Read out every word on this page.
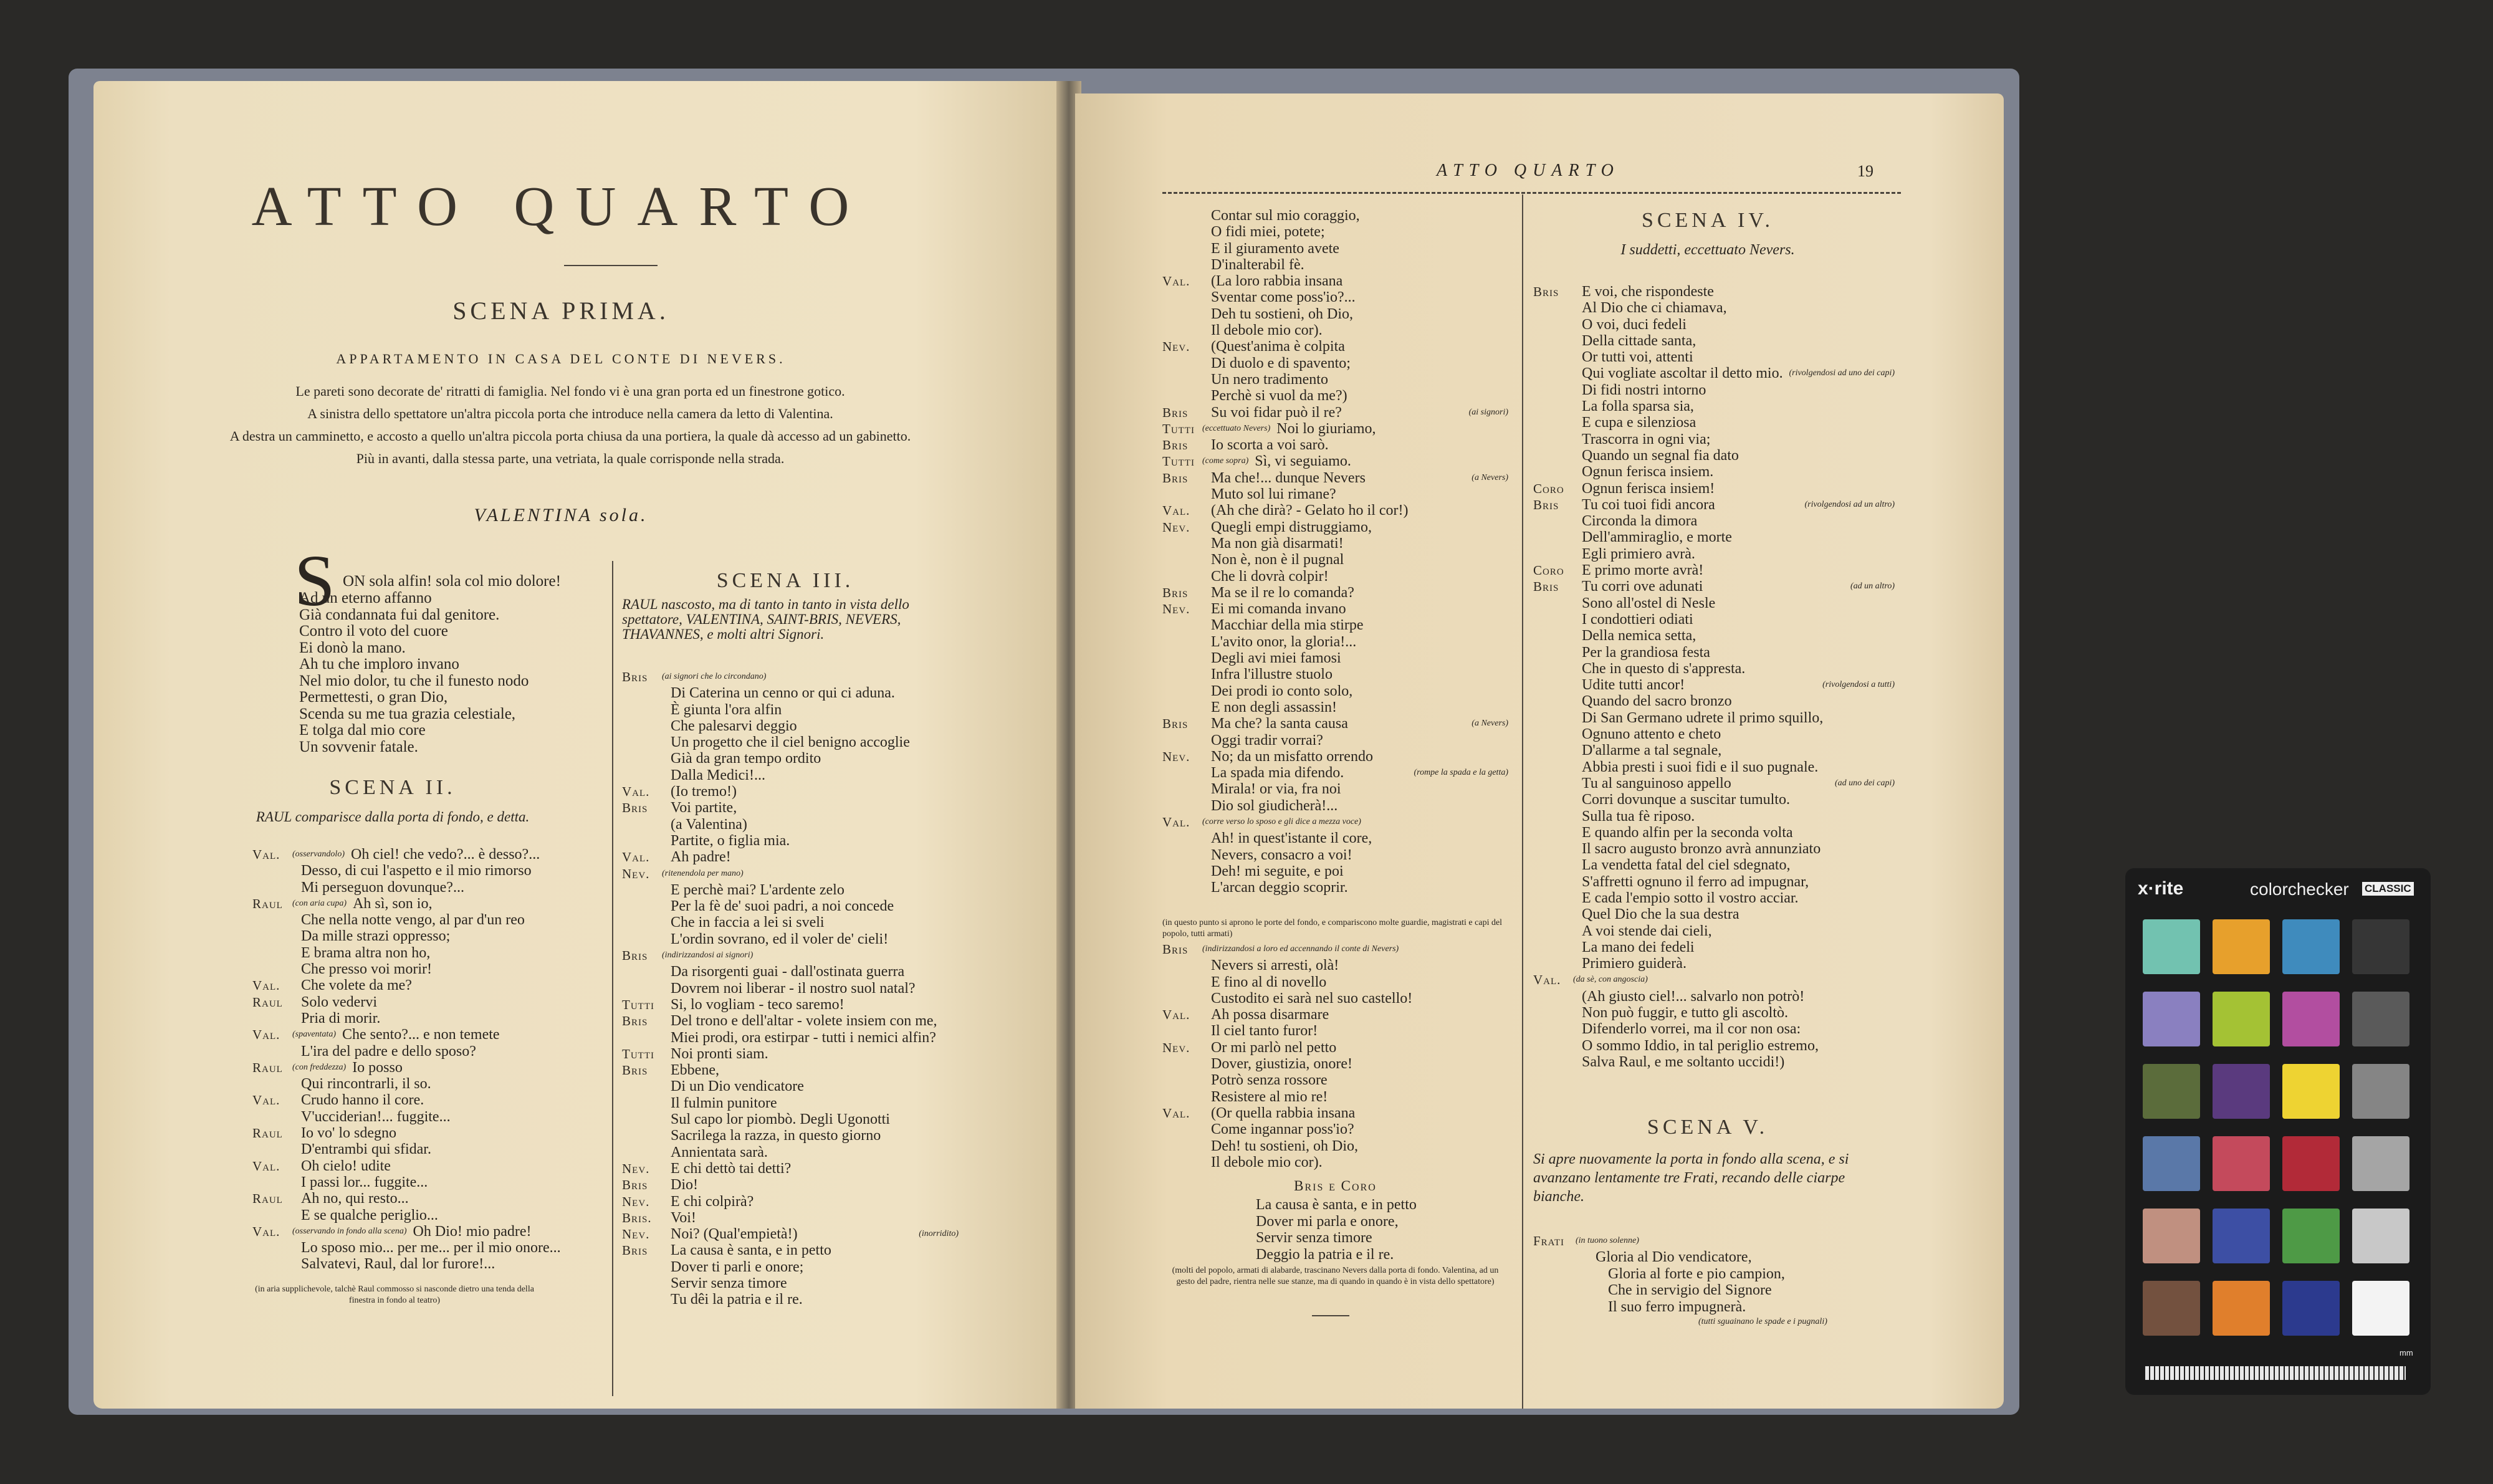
ATTO QUARTO
SCENA PRIMA.
APPARTAMENTO IN CASA DEL CONTE DI NEVERS.
Le pareti sono decorate de' ritratti di famiglia. Nel fondo vi è una gran porta ed un finestrone gotico.
A sinistra dello spettatore un'altra piccola porta che introduce nella camera da letto di Valentina.
A destra un camminetto, e accosto a quello un'altra piccola porta chiusa da una portiera, la quale dà accesso ad un gabinetto.
Più in avanti, dalla stessa parte, una vetriata, la quale corrisponde nella strada.
VALENTINA sola.
S ON sola alfin! sola col mio dolore!
Ad un eterno affanno
Già condannata fui dal genitore.
Contro il voto del cuore
Ei donò la mano.
Ah tu che imploro invano
Nel mio dolor, tu che il funesto nodo
Permettesti, o gran Dio,
Scenda su me tua grazia celestiale,
E tolga dal mio core
Un sovvenir fatale.
SCENA II.
RAUL comparisce dalla porta di fondo, e detta.
Val.	(osservandolo) Oh ciel! che vedo?... è desso?...
Desso, di cui l'aspetto e il mio rimorso
Mi perseguon dovunque?...
Raul	(con aria cupa) Ah sì, son io,
Che nella notte vengo, al par d'un reo
Da mille strazi oppresso;
E brama altra non ho,
Che presso voi morir!
Val.	Che volete da me?
Raul	Solo vedervi
Pria di morir.
Val.	(spaventata) Che sento?... e non temete
L'ira del padre e dello sposo?
Raul	(con freddezza) Io posso
Qui rincontrarli, il so.
Val.	Crudo hanno il core.
V'ucciderian!... fuggite...
Raul	Io vo' lo sdegno
D'entrambi qui sfidar.
Val.	Oh cielo! udite
I passi lor... fuggite...
Raul	Ah no, qui resto...
E se qualche periglio...
Val.	(osservando in fondo alla scena) Oh Dio! mio padre!
Lo sposo mio... per me... per il mio onore...
Salvatevi, Raul, dal lor furore!...
(in aria supplichevole, talchè Raul commosso si nasconde dietro una tenda della finestra in fondo al teatro)
SCENA III.
RAUL nascosto, ma di tanto in tanto in vista dello spettatore, VALENTINA, SAINT-BRIS, NEVERS, THAVANNES, e molti altri Signori.
Bris	(ai signori che lo circondano)
Di Caterina un cenno or qui ci aduna.
È giunta l'ora alfin
Che palesarvi deggio
Un progetto che il ciel benigno accoglie
Già da gran tempo ordito
Dalla Medici!...
Val.	(Io tremo!)
Bris	Voi partite,
(a Valentina)
Partite, o figlia mia.
Val.	Ah padre!
Nev.	(ritenendola per mano)
E perchè mai? L'ardente zelo
Per la fè de' suoi padri, a noi concede
Che in faccia a lei si sveli
L'ordin sovrano, ed il voler de' cieli!
Bris	(indirizzandosi ai signori)
Da risorgenti guai - dall'ostinata guerra
Dovrem noi liberar - il nostro suol natal?
Tutti	Si, lo vogliam - teco saremo!
Bris	Del trono e dell'altar - volete insiem con me,
Miei prodi, ora estirpar - tutti i nemici alfin?
Tutti	Noi pronti siam.
Bris	Ebbene,
Di un Dio vendicatore
Il fulmin punitore
Sul capo lor piombò. Degli Ugonotti
Sacrilega la razza, in questo giorno
Annientata sarà.
Nev.	E chi dettò tai detti?
Bris	Dio!
Nev.	E chi colpirà?
Bris.	Voi!
Nev.	Noi? (Qual'empietà!)	(inorridito)
Bris	La causa è santa, e in petto
Dover ti parli e onore;
Servir senza timore
Tu dêi la patria e il re.
ATTO QUARTO	19
Contar sul mio coraggio,
O fidi miei, potete;
E il giuramento avete
D'inalterabil fè.
Val.	(La loro rabbia insana
Sventar come poss'io?...
Deh tu sostieni, oh Dio,
Il debole mio cor).
Nev.	(Quest'anima è colpita
Di duolo e di spavento;
Un nero tradimento
Perchè si vuol da me?)
Bris	Su voi fidar può il re?	(ai signori)
Tutti (eccettuato Nevers) Noi lo giuriamo,
Bris	Io scorta a voi sarò.
Tutti (come sopra) Sì, vi seguiamo.
Bris	Ma che!... dunque Nevers	(a Nevers)
Muto sol lui rimane?
Val.	(Ah che dirà? - Gelato ho il cor!)
Nev.	Quegli empi distruggiamo,
Ma non già disarmati!
Non è, non è il pugnal
Che li dovrà colpir!
Bris	Ma se il re lo comanda?
Nev.	Ei mi comanda invano
Macchiar della mia stirpe
L'avito onor, la gloria!...
Degli avi miei famosi
Infra l'illustre stuolo
Dei prodi io conto solo,
E non degli assassin!
Bris	Ma che? la santa causa	(a Nevers)
Oggi tradir vorrai?
Nev.	No; da un misfatto orrendo
La spada mia difendo.	(rompe la spada e la getta)
Mirala! or via, fra noi
Dio sol giudicherà!...
Val.	(corre verso lo sposo e gli dice a mezza voce)
Ah! in quest'istante il core,
Nevers, consacro a voi!
Deh! mi seguite, e poi
L'arcan deggio scoprir.
(in questo punto si aprono le porte del fondo, e compariscono molte guardie, magistrati e capi del popolo, tutti armati)
Bris	(indirizzandosi a loro ed accennando il conte di Nevers)
Nevers si arresti, olà!
E fino al di novello
Custodito ei sarà nel suo castello!
Val.	Ah possa disarmare
Il ciel tanto furor!
Nev.	Or mi parlò nel petto
Dover, giustizia, onore!
Potrò senza rossore
Resistere al mio re!
Val.	(Or quella rabbia insana
Come ingannar poss'io?
Deh! tu sostieni, oh Dio,
Il debole mio cor).
Bris e Coro
La causa è santa, e in petto
Dover mi parla e onore,
Servir senza timore
Deggio la patria e il re.
(molti del popolo, armati di alabarde, trascinano Nevers dalla porta di fondo. Valentina, ad un gesto del padre, rientra nelle sue stanze, ma di quando in quando è in vista dello spettatore)
SCENA IV.
I suddetti, eccettuato Nevers.
Bris	E voi, che rispondeste
Al Dio che ci chiamava,
O voi, duci fedeli
Della cittade santa,
Or tutti voi, attenti
Qui vogliate ascoltar il detto mio. (rivolgendosi ad uno dei capi)
Di fidi nostri intorno
La folla sparsa sia,
E cupa e silenziosa
Trascorra in ogni via;
Quando un segnal fia dato
Ognun ferisca insiem.
Coro	Ognun ferisca insiem!
Bris	Tu coi tuoi fidi ancora	(rivolgendosi ad un altro)
Circonda la dimora
Dell'ammiraglio, e morte
Egli primiero avrà.
Coro	E primo morte avrà!
Bris	Tu corri ove adunati	(ad un altro)
Sono all'ostel di Nesle
I condottieri odiati
Della nemica setta,
Per la grandiosa festa
Che in questo di s'appresta.
Udite tutti ancor!	(rivolgendosi a tutti)
Quando del sacro bronzo
Di San Germano udrete il primo squillo,
Ognuno attento e cheto
D'allarme a tal segnale,
Abbia presti i suoi fidi e il suo pugnale.
Tu al sanguinoso appello	(ad uno dei capi)
Corri dovunque a suscitar tumulto.
Sulla tua fè riposo.
E quando alfin per la seconda volta
Il sacro augusto bronzo avrà annunziato
La vendetta fatal del ciel sdegnato,
S'affretti ognuno il ferro ad impugnar,
E cada l'empio sotto il vostro acciar.
Quel Dio che la sua destra
A voi stende dai cieli,
La mano dei fedeli
Primiero guiderà.
Val.	(da sè, con angoscia)
(Ah giusto ciel!... salvarlo non potrò!
Non può fuggir, e tutto gli ascoltò.
Difenderlo vorrei, ma il cor non osa:
O sommo Iddio, in tal periglio estremo,
Salva Raul, e me soltanto uccidi!)
SCENA V.
Si apre nuovamente la porta in fondo alla scena, e si avanzano lentamente tre Frati, recando delle ciarpe bianche.
Frati	(in tuono solenne)
Gloria al Dio vendicatore,
Gloria al forte e pio campion,
Che in servigio del Signore
Il suo ferro impugnerà.
(tutti sguainano le spade e i pugnali)
x·rite	colorchecker CLASSIC
mm
